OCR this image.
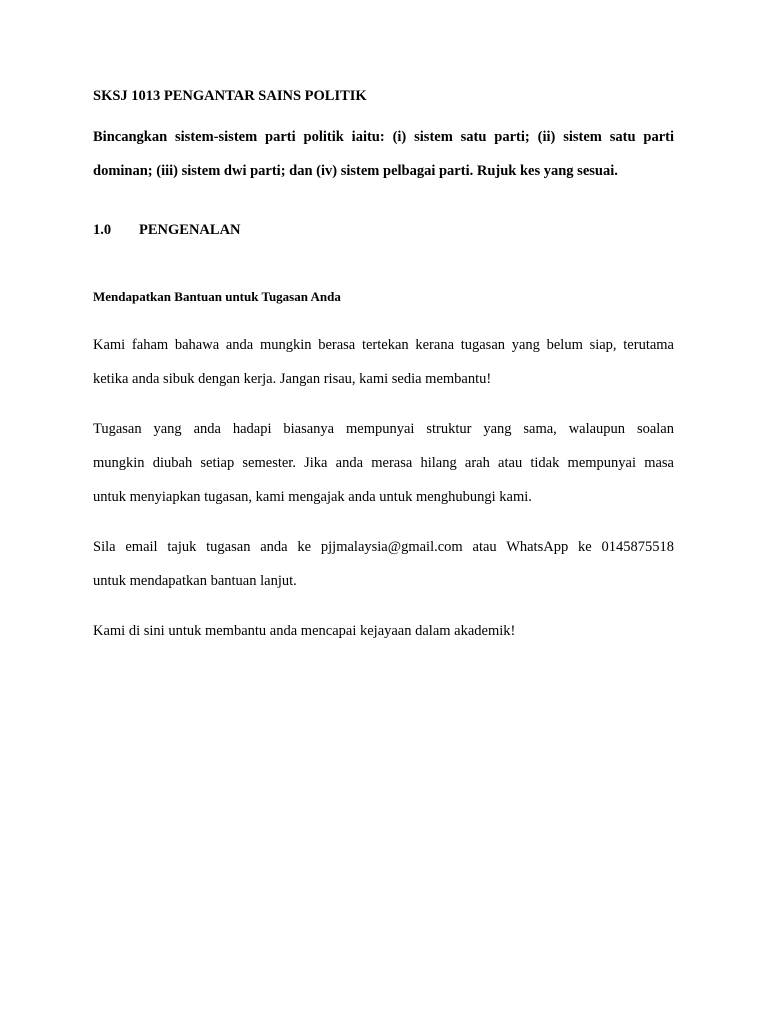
SKSJ 1013 PENGANTAR SAINS POLITIK
Bincangkan sistem-sistem parti politik iaitu: (i) sistem satu parti; (ii) sistem satu parti
dominan; (iii) sistem dwi parti; dan (iv) sistem pelbagai parti. Rujuk kes yang sesuai.
1.0 PENGENALAN
Mendapatkan Bantuan untuk Tugasan Anda
Kami faham bahawa anda mungkin berasa tertekan kerana tugasan yang belum siap, terutama
ketika anda sibuk dengan kerja. Jangan risau, kami sedia membantu!
Tugasan yang anda hadapi biasanya mempunyai struktur yang sama, walaupun soalan
mungkin diubah setiap semester. Jika anda merasa hilang arah atau tidak mempunyai masa
untuk menyiapkan tugasan, kami mengajak anda untuk menghubungi kami.
Sila email tajuk tugasan anda ke pjjmalaysia@gmail.com atau WhatsApp ke 0145875518
untuk mendapatkan bantuan lanjut.
Kami di sini untuk membantu anda mencapai kejayaan dalam akademik!
